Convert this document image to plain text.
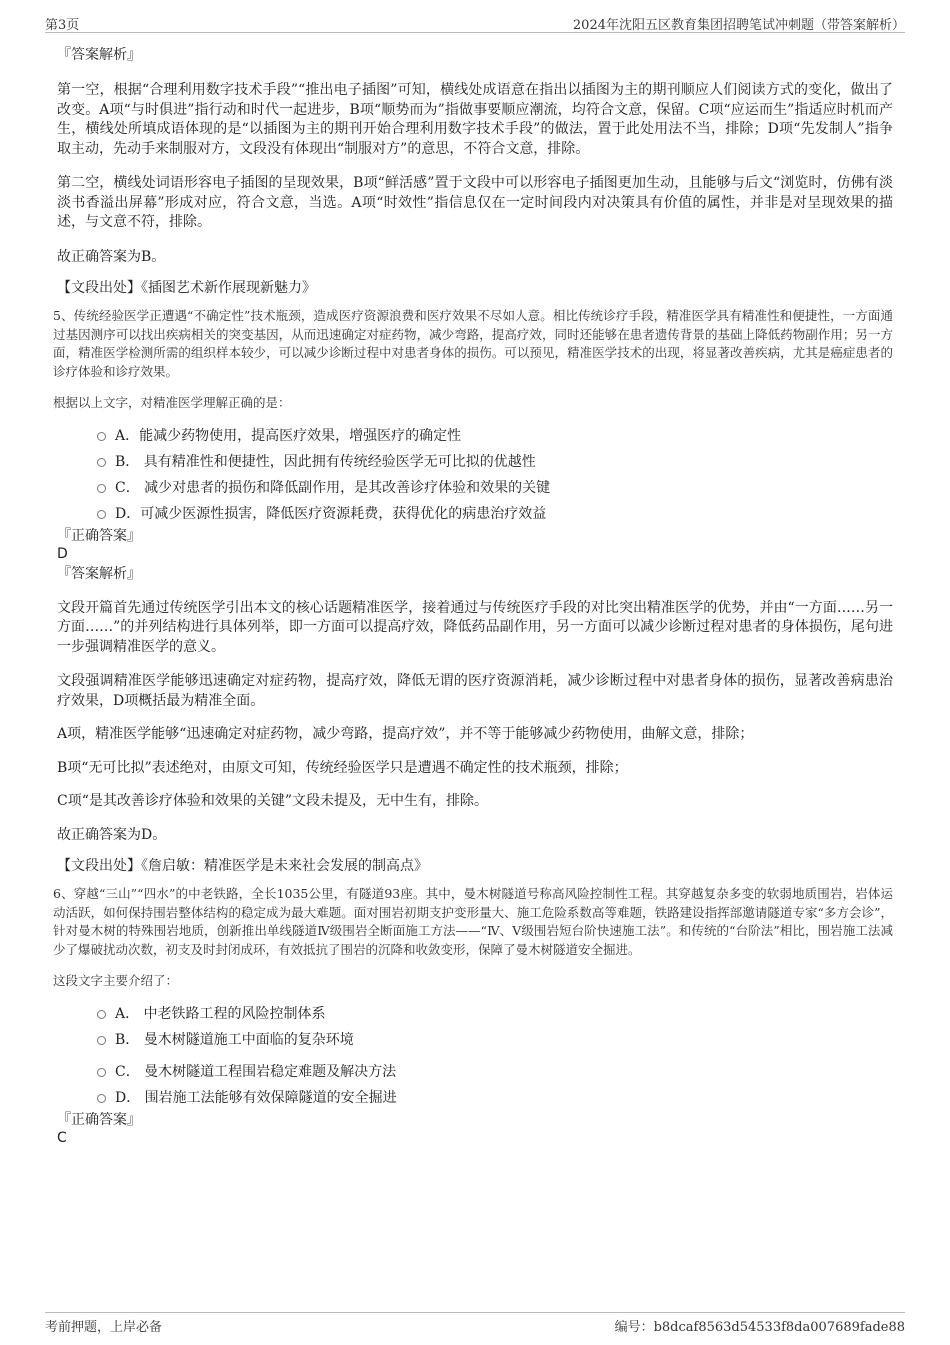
第3页	2024年沈阳五区教育集团招聘笔试冲刺题（带答案解析）

『答案解析』

第一空，根据“合理利用数字技术手段”“推出电子插图”可知，横线处成语意在指出以插图为主的期刊顺应人们阅读方式的变化，做出了改变。A项“与时俱进”指行动和时代一起进步，B项“顺势而为”指做事要顺应潮流，均符合文意，保留。C项“应运而生”指适应时机而产生，横线处所填成语体现的是“以插图为主的期刊开始合理利用数字技术手段”的做法，置于此处用法不当，排除；D项“先发制人”指争取主动，先动手来制服对方，文段没有体现出“制服对方”的意思，不符合文意，排除。

第二空，横线处词语形容电子插图的呈现效果，B项“鲜活感”置于文段中可以形容电子插图更加生动，且能够与后文“浏览时，仿佛有淡淡书香溢出屏幕”形成对应，符合文意，当选。A项“时效性”指信息仅在一定时间段内对决策具有价值的属性，并非是对呈现效果的描述，与文意不符，排除。

故正确答案为B。

【文段出处】《插图艺术新作展现新魅力》

5、传统经验医学正遭遇“不确定性”技术瓶颈，造成医疗资源浪费和医疗效果不尽如人意。相比传统诊疗手段，精准医学具有精准性和便捷性，一方面通过基因测序可以找出疾病相关的突变基因，从而迅速确定对症药物，减少弯路，提高疗效，同时还能够在患者遗传背景的基础上降低药物副作用；另一方面，精准医学检测所需的组织样本较少，可以减少诊断过程中对患者身体的损伤。可以预见，精准医学技术的出现，将显著改善疾病，尤其是癌症患者的诊疗体验和诊疗效果。

根据以上文字，对精准医学理解正确的是：

A．能减少药物使用，提高医疗效果，增强医疗的确定性
B． 具有精准性和便捷性，因此拥有传统经验医学无可比拟的优越性
C． 减少对患者的损伤和降低副作用，是其改善诊疗体验和效果的关键
D．可减少医源性损害，降低医疗资源耗费，获得优化的病患治疗效益

『正确答案』

D

『答案解析』

文段开篇首先通过传统医学引出本文的核心话题精准医学，接着通过与传统医疗手段的对比突出精准医学的优势，并由“一方面……另一方面……”的并列结构进行具体列举，即一方面可以提高疗效，降低药品副作用，另一方面可以减少诊断过程对患者的身体损伤，尾句进一步强调精准医学的意义。

文段强调精准医学能够迅速确定对症药物，提高疗效，降低无谓的医疗资源消耗，减少诊断过程中对患者身体的损伤，显著改善病患治疗效果，D项概括最为精准全面。

A项，精准医学能够“迅速确定对症药物，减少弯路，提高疗效”，并不等于能够减少药物使用，曲解文意，排除；

B项“无可比拟”表述绝对，由原文可知，传统经验医学只是遭遇不确定性的技术瓶颈，排除；

C项“是其改善诊疗体验和效果的关键”文段未提及，无中生有，排除。

故正确答案为D。

【文段出处】《詹启敏：精准医学是未来社会发展的制高点》

6、穿越“三山”“四水”的中老铁路，全长1035公里，有隧道93座。其中，曼木树隧道号称高风险控制性工程。其穿越复杂多变的软弱地质围岩，岩体运动活跃，如何保持围岩整体结构的稳定成为最大难题。面对围岩初期支护变形量大、施工危险系数高等难题，铁路建设指挥部邀请隧道专家“多方会诊”，针对曼木树的特殊围岩地质，创新推出单线隧道Ⅳ级围岩全断面施工方法——“Ⅳ、Ⅴ级围岩短台阶快速施工法”。和传统的“台阶法”相比，围岩施工法减少了爆破扰动次数，初支及时封闭成环，有效抵抗了围岩的沉降和收敛变形，保障了曼木树隧道安全掘进。

这段文字主要介绍了：

A． 中老铁路工程的风险控制体系
B． 曼木树隧道施工中面临的复杂环境
C． 曼木树隧道工程围岩稳定难题及解决方法
D． 围岩施工法能够有效保障隧道的安全掘进

『正确答案』

C

考前押题，上岸必备	编号：b8dcaf8563d54533f8da007689fade88
